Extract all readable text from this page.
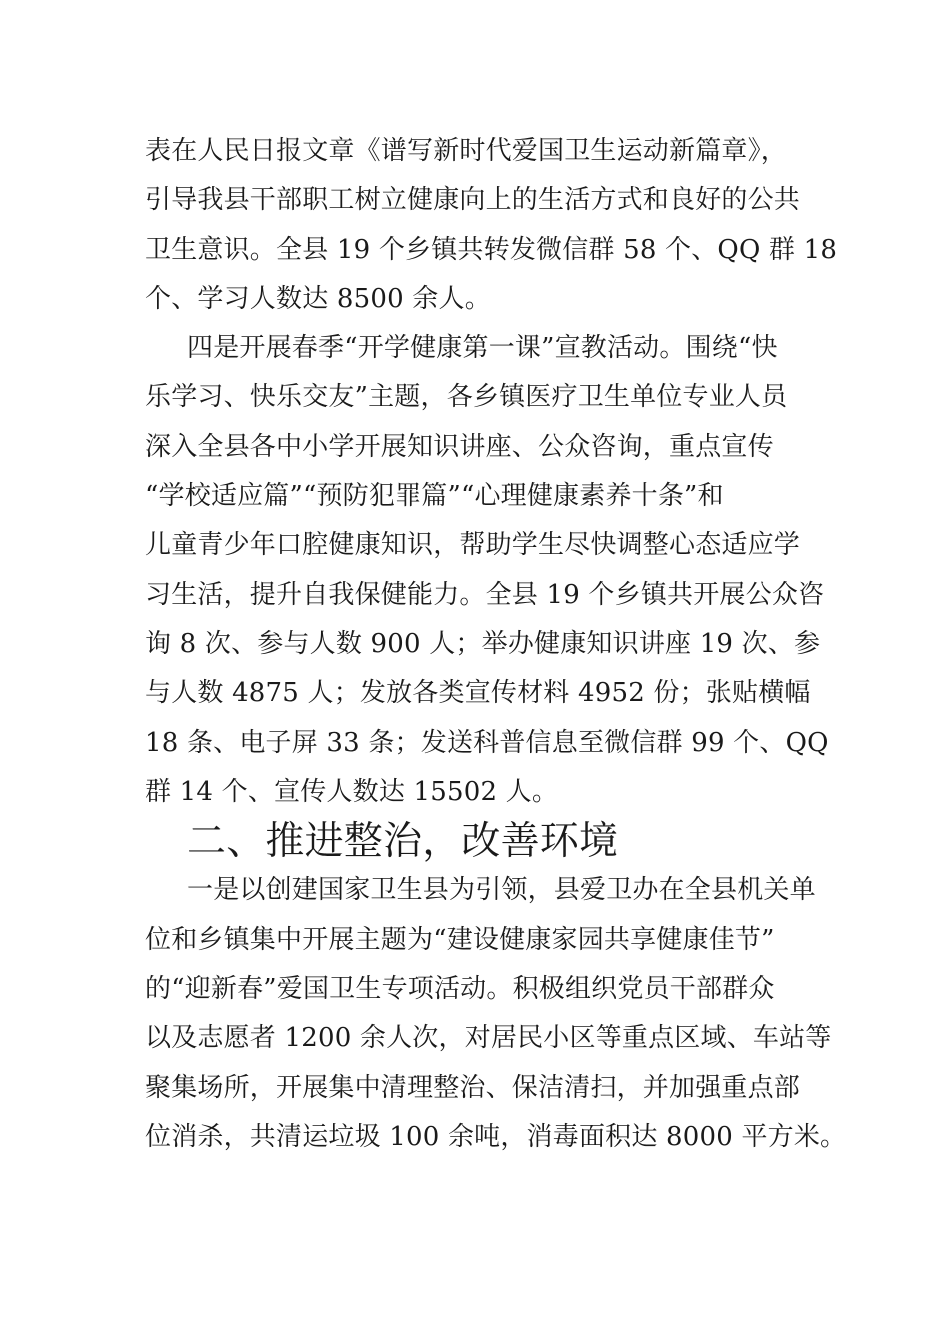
表在人民日报文章《谱写新时代爱国卫生运动新篇章》，
引导我县干部职工树立健康向上的生活方式和良好的公共
卫生意识。全县 19 个乡镇共转发微信群 58 个、QQ 群 18
个、学习人数达 8500 余人。

四是开展春季“开学健康第一课”宣教活动。围绕“快
乐学习、快乐交友”主题，各乡镇医疗卫生单位专业人员
深入全县各中小学开展知识讲座、公众咨询，重点宣传
“学校适应篇”“预防犯罪篇”“心理健康素养十条”和
儿童青少年口腔健康知识，帮助学生尽快调整心态适应学
习生活，提升自我保健能力。全县 19 个乡镇共开展公众咨
询 8 次、参与人数 900 人；举办健康知识讲座 19 次、参
与人数 4875 人；发放各类宣传材料 4952 份；张贴横幅
18 条、电子屏 33 条；发送科普信息至微信群 99 个、QQ
群 14 个、宣传人数达 15502 人。

二、推进整治，改善环境

一是以创建国家卫生县为引领，县爱卫办在全县机关单
位和乡镇集中开展主题为“建设健康家园共享健康佳节”
的“迎新春”爱国卫生专项活动。积极组织党员干部群众
以及志愿者 1200 余人次，对居民小区等重点区域、车站等
聚集场所，开展集中清理整治、保洁清扫，并加强重点部
位消杀，共清运垃圾 100 余吨，消毒面积达 8000 平方米。
